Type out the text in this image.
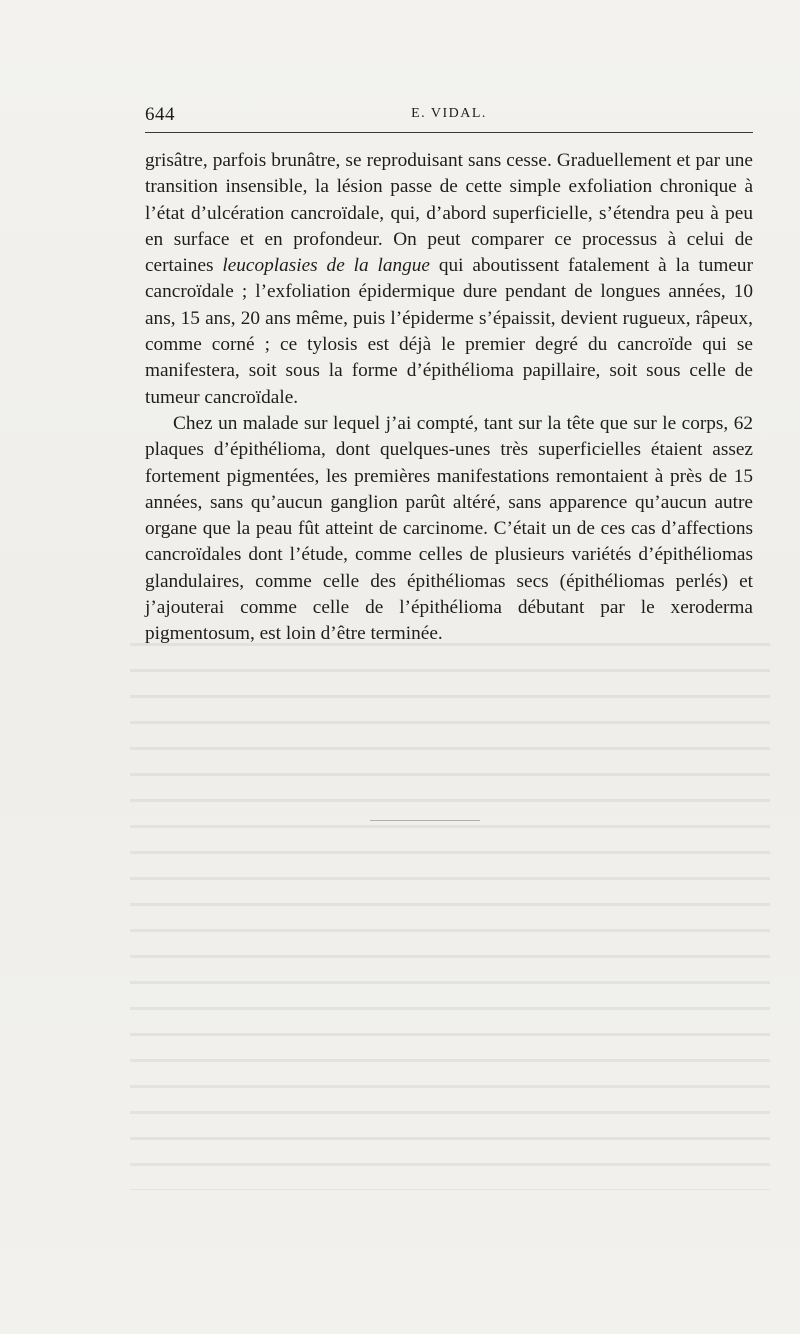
644	E. VIDAL.

grisâtre, parfois brunâtre, se reproduisant sans cesse. Graduellement et par une transition insensible, la lésion passe de cette simple exfoliation chronique à l’état d’ulcération cancroïdale, qui, d’abord superficielle, s’étendra peu à peu en surface et en profondeur. On peut comparer ce processus à celui de certaines leucoplasies de la langue qui aboutissent fatalement à la tumeur cancroïdale ; l’exfoliation épidermique dure pendant de longues années, 10 ans, 15 ans, 20 ans même, puis l’épiderme s’épaissit, devient rugueux, râpeux, comme corné ; ce tylosis est déjà le premier degré du cancroïde qui se manifestera, soit sous la forme d’épithélioma papillaire, soit sous celle de tumeur cancroïdale.

Chez un malade sur lequel j’ai compté, tant sur la tête que sur le corps, 62 plaques d’épithélioma, dont quelques-unes très superficielles étaient assez fortement pigmentées, les premières manifestations remontaient à près de 15 années, sans qu’aucun ganglion parût altéré, sans apparence qu’aucun autre organe que la peau fût atteint de carcinome. C’était un de ces cas d’affections cancroïdales dont l’étude, comme celles de plusieurs variétés d’épithéliomas glandulaires, comme celle des épithéliomas secs (épithéliomas perlés) et j’ajouterai comme celle de l’épithélioma débutant par le xeroderma pigmentosum, est loin d’être terminée.
